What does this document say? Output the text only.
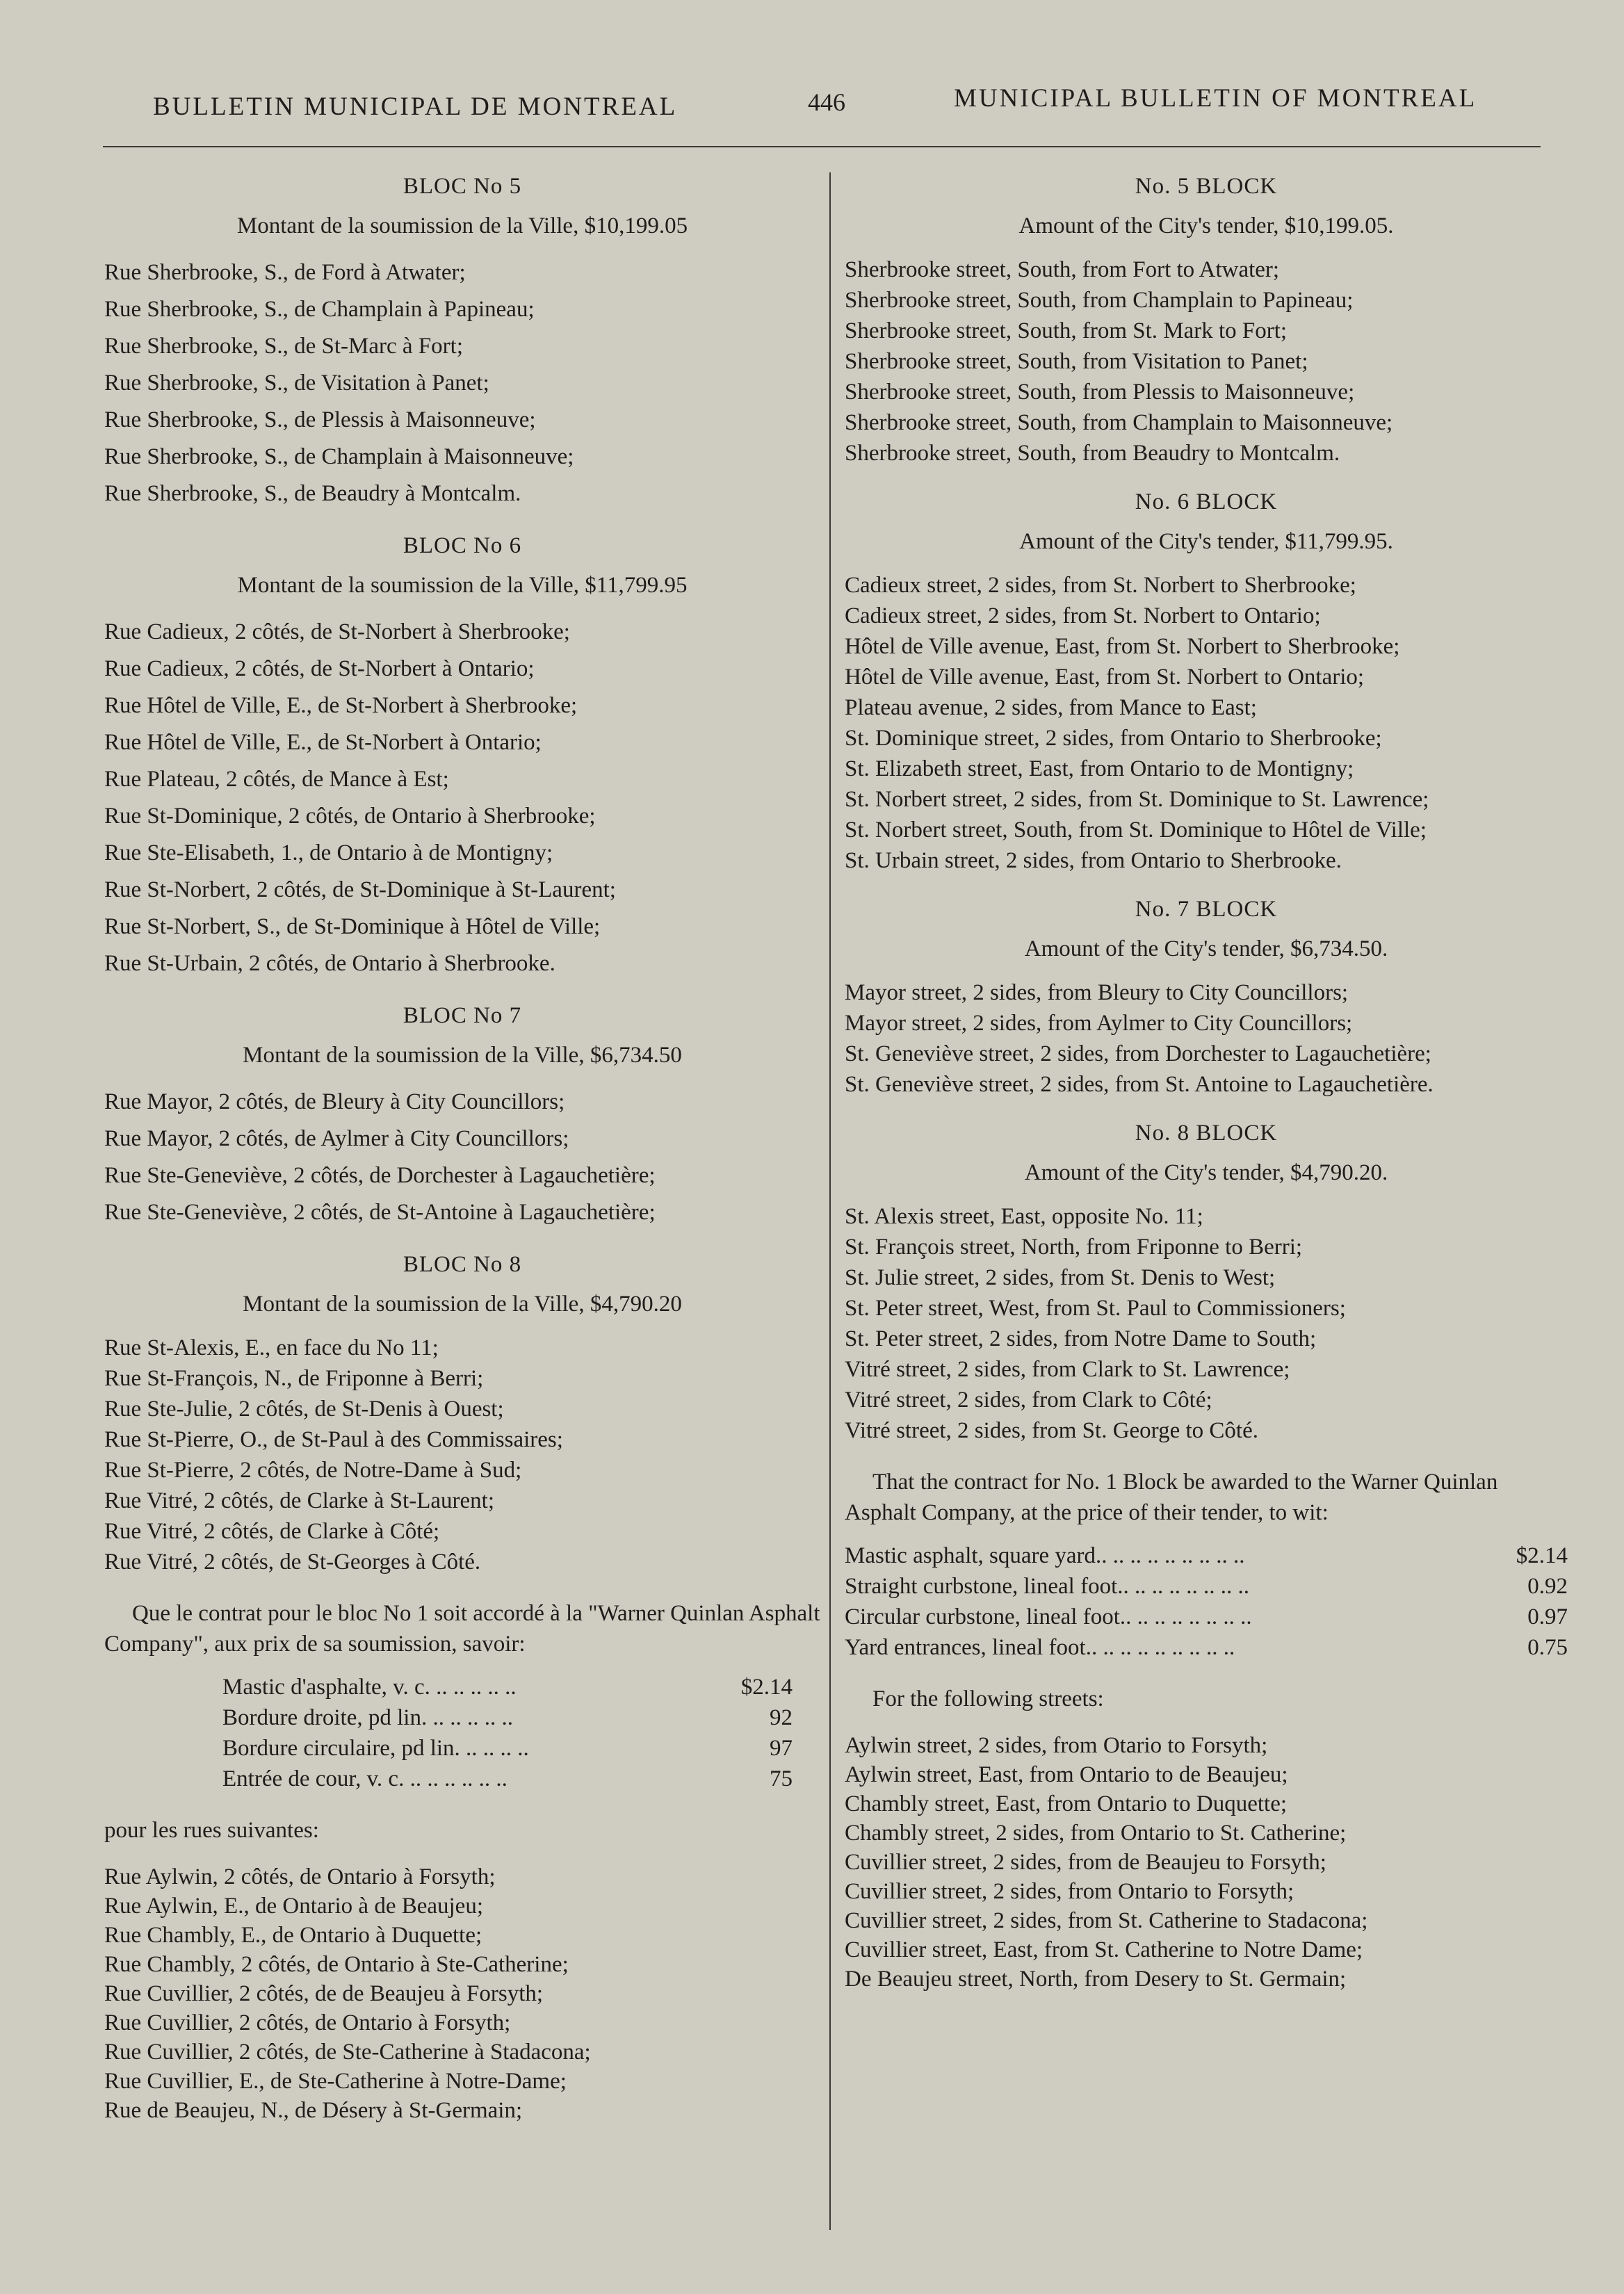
BULLETIN MUNICIPAL DE MONTREAL	446	MUNICIPAL BULLETIN OF MONTREAL

BLOC No 5

Montant de la soumission de la Ville, $10,199.05

Rue Sherbrooke, S., de Ford à Atwater;

Rue Sherbrooke, S., de Champlain à Papineau;

Rue Sherbrooke, S., de St-Marc à Fort;

Rue Sherbrooke, S., de Visitation à Panet;

Rue Sherbrooke, S., de Plessis à Maisonneuve;

Rue Sherbrooke, S., de Champlain à Maisonneuve;

Rue Sherbrooke, S., de Beaudry à Montcalm.

BLOC No 6

Montant de la soumission de la Ville, $11,799.95

Rue Cadieux, 2 côtés, de St-Norbert à Sherbrooke;

Rue Cadieux, 2 côtés, de St-Norbert à Ontario;

Rue Hôtel de Ville, E., de St-Norbert à Sherbrooke;

Rue Hôtel de Ville, E., de St-Norbert à Ontario;

Rue Plateau, 2 côtés, de Mance à Est;

Rue St-Dominique, 2 côtés, de Ontario à Sherbrooke;

Rue Ste-Elisabeth, 1., de Ontario à de Montigny;

Rue St-Norbert, 2 côtés, de St-Dominique à St-Laurent;

Rue St-Norbert, S., de St-Dominique à Hôtel de Ville;

Rue St-Urbain, 2 côtés, de Ontario à Sherbrooke.

BLOC No 7

Montant de la soumission de la Ville, $6,734.50

Rue Mayor, 2 côtés, de Bleury à City Councillors;

Rue Mayor, 2 côtés, de Aylmer à City Councillors;

Rue Ste-Geneviève, 2 côtés, de Dorchester à Lagauchetière;

Rue Ste-Geneviève, 2 côtés, de St-Antoine à Lagauchetière;

BLOC No 8

Montant de la soumission de la Ville, $4,790.20

Rue St-Alexis, E., en face du No 11;

Rue St-François, N., de Friponne à Berri;

Rue Ste-Julie, 2 côtés, de St-Denis à Ouest;

Rue St-Pierre, O., de St-Paul à des Commissaires;

Rue St-Pierre, 2 côtés, de Notre-Dame à Sud;

Rue Vitré, 2 côtés, de Clarke à St-Laurent;

Rue Vitré, 2 côtés, de Clarke à Côté;

Rue Vitré, 2 côtés, de St-Georges à Côté.

Que le contrat pour le bloc No 1 soit accordé à la "Warner Quinlan Asphalt Company", aux prix de sa soumission, savoir:

Mastic d'asphalte, v. c. .. .. .. .. ..	$2.14
Bordure droite, pd lin. .. .. .. .. ..	92
Bordure circulaire, pd lin. .. .. .. ..	97
Entrée de cour, v. c. .. .. .. .. .. ..	75

pour les rues suivantes:

Rue Aylwin, 2 côtés, de Ontario à Forsyth;

Rue Aylwin, E., de Ontario à de Beaujeu;

Rue Chambly, E., de Ontario à Duquette;

Rue Chambly, 2 côtés, de Ontario à Ste-Catherine;

Rue Cuvillier, 2 côtés, de de Beaujeu à Forsyth;

Rue Cuvillier, 2 côtés, de Ontario à Forsyth;

Rue Cuvillier, 2 côtés, de Ste-Catherine à Stadacona;

Rue Cuvillier, E., de Ste-Catherine à Notre-Dame;

Rue de Beaujeu, N., de Désery à St-Germain;

No. 5 BLOCK

Amount of the City's tender, $10,199.05.

Sherbrooke street, South, from Fort to Atwater;

Sherbrooke street, South, from Champlain to Papineau;

Sherbrooke street, South, from St. Mark to Fort;

Sherbrooke street, South, from Visitation to Panet;

Sherbrooke street, South, from Plessis to Maisonneuve;

Sherbrooke street, South, from Champlain to Maisonneuve;

Sherbrooke street, South, from Beaudry to Montcalm.

No. 6 BLOCK

Amount of the City's tender, $11,799.95.

Cadieux street, 2 sides, from St. Norbert to Sherbrooke;

Cadieux street, 2 sides, from St. Norbert to Ontario;

Hôtel de Ville avenue, East, from St. Norbert to Sherbrooke;

Hôtel de Ville avenue, East, from St. Norbert to Ontario;

Plateau avenue, 2 sides, from Mance to East;

St. Dominique street, 2 sides, from Ontario to Sherbrooke;

St. Elizabeth street, East, from Ontario to de Montigny;

St. Norbert street, 2 sides, from St. Dominique to St. Lawrence;

St. Norbert street, South, from St. Dominique to Hôtel de Ville;

St. Urbain street, 2 sides, from Ontario to Sherbrooke.

No. 7 BLOCK

Amount of the City's tender, $6,734.50.

Mayor street, 2 sides, from Bleury to City Councillors;

Mayor street, 2 sides, from Aylmer to City Councillors;

St. Geneviève street, 2 sides, from Dorchester to Lagauchetière;

St. Geneviève street, 2 sides, from St. Antoine to Lagauchetière.

No. 8 BLOCK

Amount of the City's tender, $4,790.20.

St. Alexis street, East, opposite No. 11;

St. François street, North, from Friponne to Berri;

St. Julie street, 2 sides, from St. Denis to West;

St. Peter street, West, from St. Paul to Commissioners;

St. Peter street, 2 sides, from Notre Dame to South;

Vitré street, 2 sides, from Clark to St. Lawrence;

Vitré street, 2 sides, from Clark to Côté;

Vitré street, 2 sides, from St. George to Côté.

That the contract for No. 1 Block be awarded to the Warner Quinlan Asphalt Company, at the price of their tender, to wit:

Mastic asphalt, square yard.. .. .. .. .. .. .. .. ..	$2.14
Straight curbstone, lineal foot.. .. .. .. .. .. .. ..	0.92
Circular curbstone, lineal foot.. .. .. .. .. .. .. ..	0.97
Yard entrances, lineal foot.. .. .. .. .. .. .. .. ..	0.75

For the following streets:

Aylwin street, 2 sides, from Otario to Forsyth;

Aylwin street, East, from Ontario to de Beaujeu;

Chambly street, East, from Ontario to Duquette;

Chambly street, 2 sides, from Ontario to St. Catherine;

Cuvillier street, 2 sides, from de Beaujeu to Forsyth;

Cuvillier street, 2 sides, from Ontario to Forsyth;

Cuvillier street, 2 sides, from St. Catherine to Stadacona;

Cuvillier street, East, from St. Catherine to Notre Dame;

De Beaujeu street, North, from Desery to St. Germain;
